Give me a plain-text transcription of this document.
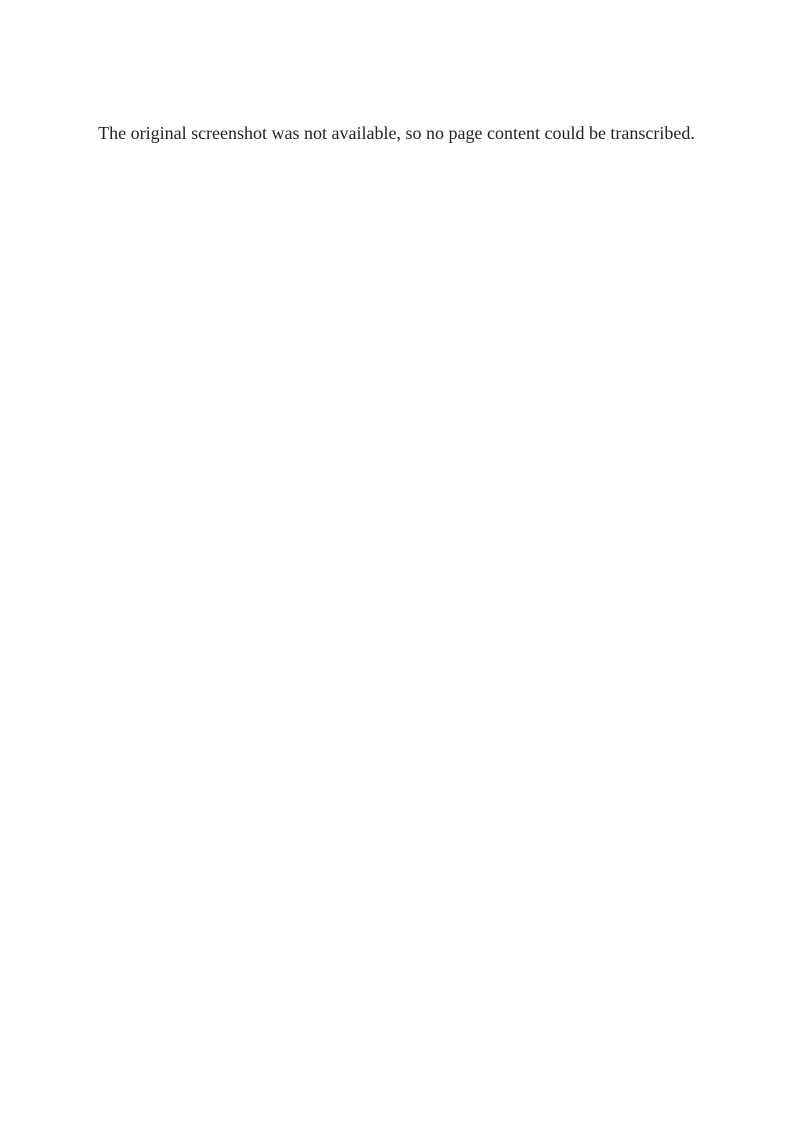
The original screenshot was not available, so no page content could be transcribed.
